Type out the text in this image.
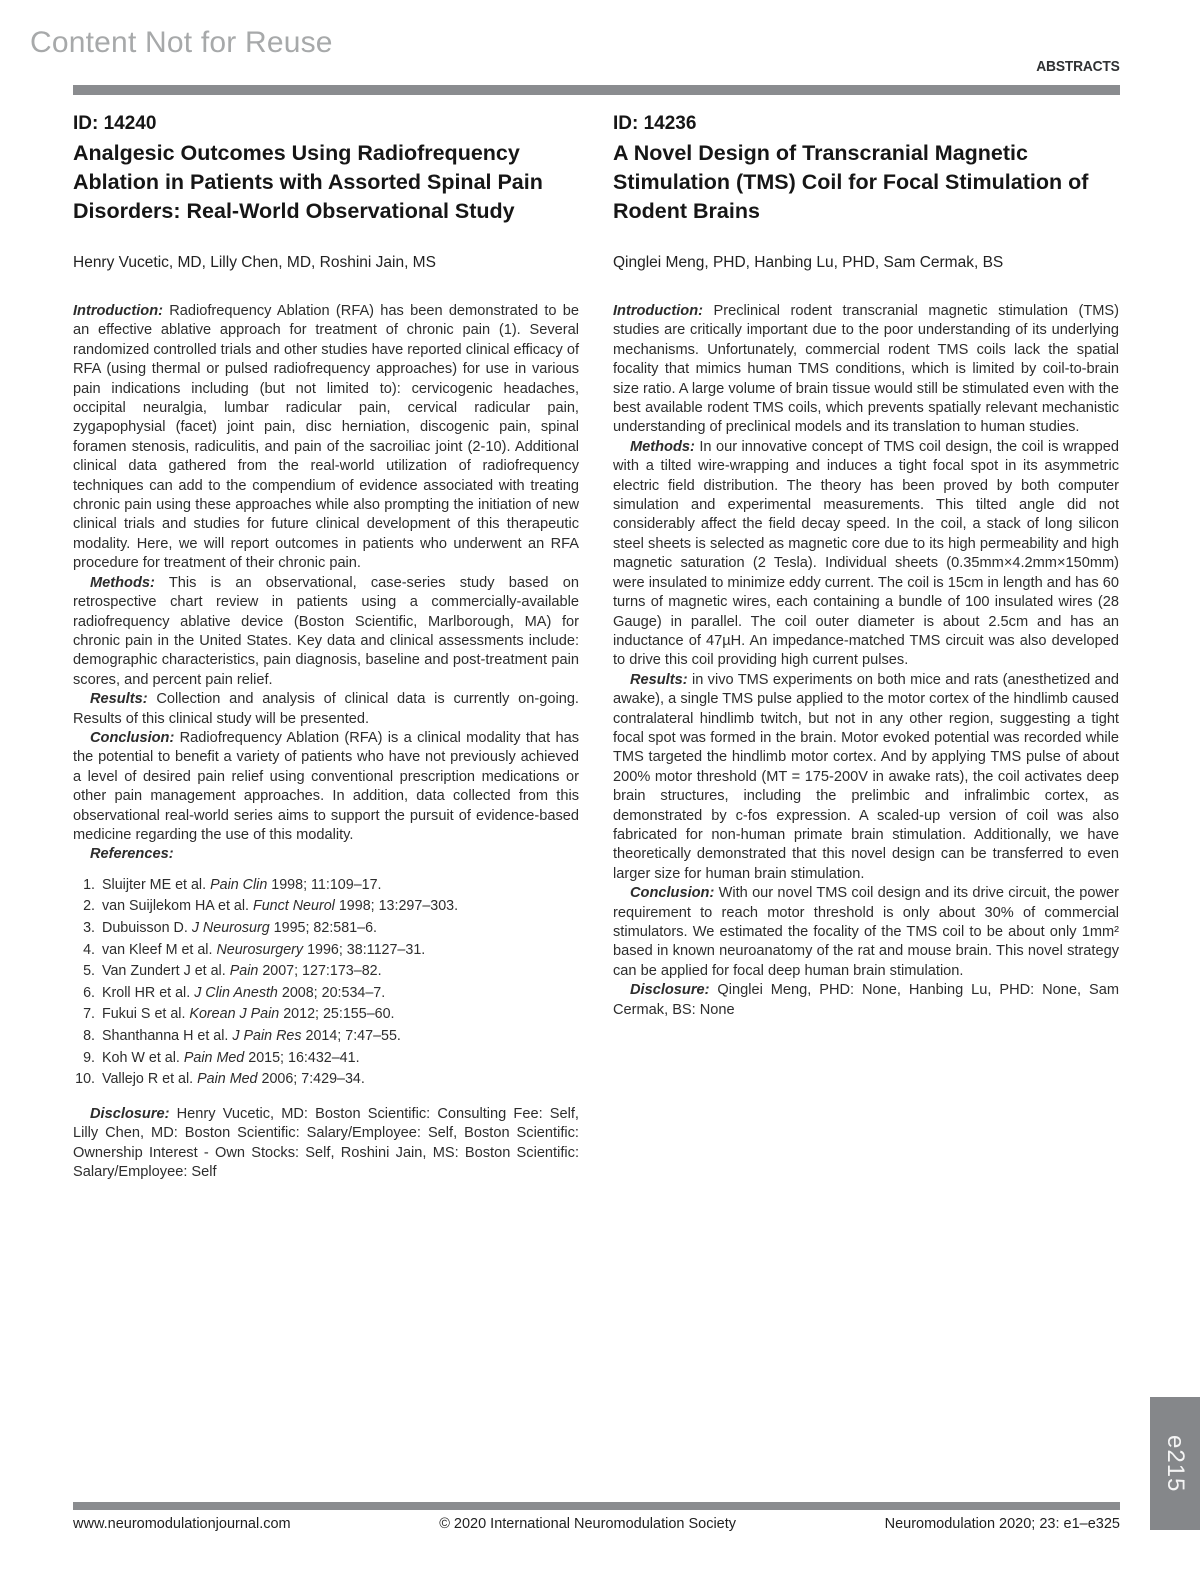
Content Not for Reuse
ABSTRACTS

ID: 14240

Analgesic Outcomes Using Radiofrequency Ablation in Patients with Assorted Spinal Pain Disorders: Real-World Observational Study

Henry Vucetic, MD, Lilly Chen, MD, Roshini Jain, MS

Introduction: Radiofrequency Ablation (RFA) has been demonstrated to be an effective ablative approach for treatment of chronic pain (1). Several randomized controlled trials and other studies have reported clinical efficacy of RFA (using thermal or pulsed radiofrequency approaches) for use in various pain indications including (but not limited to): cervicogenic headaches, occipital neuralgia, lumbar radicular pain, cervical radicular pain, zygapophysial (facet) joint pain, disc herniation, discogenic pain, spinal foramen stenosis, radiculitis, and pain of the sacroiliac joint (2-10). Additional clinical data gathered from the real-world utilization of radiofrequency techniques can add to the compendium of evidence associated with treating chronic pain using these approaches while also prompting the initiation of new clinical trials and studies for future clinical development of this therapeutic modality. Here, we will report outcomes in patients who underwent an RFA procedure for treatment of their chronic pain.

Methods: This is an observational, case-series study based on retrospective chart review in patients using a commercially-available radiofrequency ablative device (Boston Scientific, Marlborough, MA) for chronic pain in the United States. Key data and clinical assessments include: demographic characteristics, pain diagnosis, baseline and post-treatment pain scores, and percent pain relief.

Results: Collection and analysis of clinical data is currently on-going. Results of this clinical study will be presented.

Conclusion: Radiofrequency Ablation (RFA) is a clinical modality that has the potential to benefit a variety of patients who have not previously achieved a level of desired pain relief using conventional prescription medications or other pain management approaches. In addition, data collected from this observational real-world series aims to support the pursuit of evidence-based medicine regarding the use of this modality.

References:

1. Sluijter ME et al. Pain Clin 1998; 11:109–17.
2. van Suijlekom HA et al. Funct Neurol 1998; 13:297–303.
3. Dubuisson D. J Neurosurg 1995; 82:581–6.
4. van Kleef M et al. Neurosurgery 1996; 38:1127–31.
5. Van Zundert J et al. Pain 2007; 127:173–82.
6. Kroll HR et al. J Clin Anesth 2008; 20:534–7.
7. Fukui S et al. Korean J Pain 2012; 25:155–60.
8. Shanthanna H et al. J Pain Res 2014; 7:47–55.
9. Koh W et al. Pain Med 2015; 16:432–41.
10. Vallejo R et al. Pain Med 2006; 7:429–34.

Disclosure: Henry Vucetic, MD: Boston Scientific: Consulting Fee: Self, Lilly Chen, MD: Boston Scientific: Salary/Employee: Self, Boston Scientific: Ownership Interest - Own Stocks: Self, Roshini Jain, MS: Boston Scientific: Salary/Employee: Self

ID: 14236

A Novel Design of Transcranial Magnetic Stimulation (TMS) Coil for Focal Stimulation of Rodent Brains

Qinglei Meng, PHD, Hanbing Lu, PHD, Sam Cermak, BS

Introduction: Preclinical rodent transcranial magnetic stimulation (TMS) studies are critically important due to the poor understanding of its underlying mechanisms. Unfortunately, commercial rodent TMS coils lack the spatial focality that mimics human TMS conditions, which is limited by coil-to-brain size ratio. A large volume of brain tissue would still be stimulated even with the best available rodent TMS coils, which prevents spatially relevant mechanistic understanding of preclinical models and its translation to human studies.

Methods: In our innovative concept of TMS coil design, the coil is wrapped with a tilted wire-wrapping and induces a tight focal spot in its asymmetric electric field distribution. The theory has been proved by both computer simulation and experimental measurements. This tilted angle did not considerably affect the field decay speed. In the coil, a stack of long silicon steel sheets is selected as magnetic core due to its high permeability and high magnetic saturation (2 Tesla). Individual sheets (0.35mm×4.2mm×150mm) were insulated to minimize eddy current. The coil is 15cm in length and has 60 turns of magnetic wires, each containing a bundle of 100 insulated wires (28 Gauge) in parallel. The coil outer diameter is about 2.5cm and has an inductance of 47µH. An impedance-matched TMS circuit was also developed to drive this coil providing high current pulses.

Results: in vivo TMS experiments on both mice and rats (anesthetized and awake), a single TMS pulse applied to the motor cortex of the hindlimb caused contralateral hindlimb twitch, but not in any other region, suggesting a tight focal spot was formed in the brain. Motor evoked potential was recorded while TMS targeted the hindlimb motor cortex. And by applying TMS pulse of about 200% motor threshold (MT = 175-200V in awake rats), the coil activates deep brain structures, including the prelimbic and infralimbic cortex, as demonstrated by c-fos expression. A scaled-up version of coil was also fabricated for non-human primate brain stimulation. Additionally, we have theoretically demonstrated that this novel design can be transferred to even larger size for human brain stimulation.

Conclusion: With our novel TMS coil design and its drive circuit, the power requirement to reach motor threshold is only about 30% of commercial stimulators. We estimated the focality of the TMS coil to be about only 1mm² based in known neuroanatomy of the rat and mouse brain. This novel strategy can be applied for focal deep human brain stimulation.

Disclosure: Qinglei Meng, PHD: None, Hanbing Lu, PHD: None, Sam Cermak, BS: None

e215
www.neuromodulationjournal.com	© 2020 International Neuromodulation Society	Neuromodulation 2020; 23: e1–e325
